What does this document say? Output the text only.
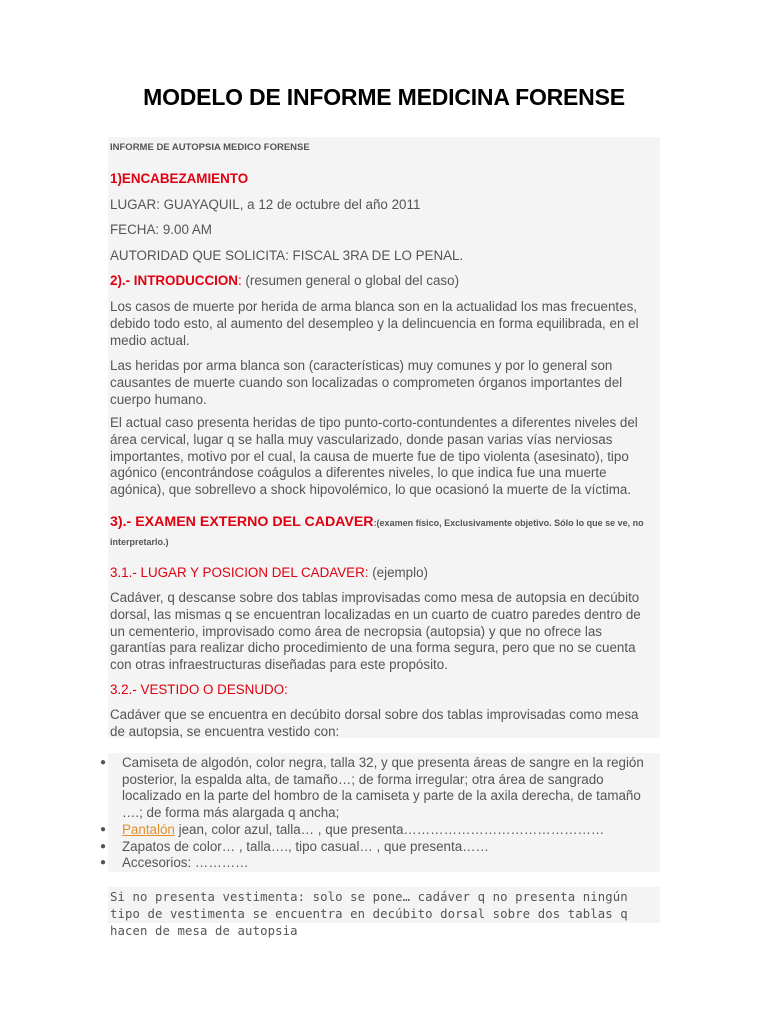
MODELO DE INFORME MEDICINA FORENSE

INFORME DE AUTOPSIA MEDICO FORENSE

1)ENCABEZAMIENTO

LUGAR: GUAYAQUIL, a 12 de octubre del año 2011

FECHA: 9.00 AM

AUTORIDAD QUE SOLICITA: FISCAL 3RA DE LO PENAL.

2).- INTRODUCCION: (resumen general o global del caso)

Los casos de muerte por herida de arma blanca son en la actualidad los mas frecuentes, debido todo esto, al aumento del desempleo y la delincuencia en forma equilibrada, en el medio actual.

Las heridas por arma blanca son (características) muy comunes y por lo general son causantes de muerte cuando son localizadas o comprometen órganos importantes del cuerpo humano.

El actual caso presenta heridas de tipo punto-corto-contundentes a diferentes niveles del área cervical, lugar q se halla muy vascularizado, donde pasan varias vías nerviosas importantes, motivo por el cual, la causa de muerte fue de tipo violenta (asesinato), tipo agónico (encontrándose coágulos a diferentes niveles, lo que indica fue una muerte agónica), que sobrellevo a shock hipovolémico, lo que ocasionó la muerte de la víctima.

3).- EXAMEN EXTERNO DEL CADAVER:(examen físico, Exclusivamente objetivo. Sólo lo que se ve, no interpretarlo.)

3.1.- LUGAR Y POSICION DEL CADAVER: (ejemplo)

Cadáver, q descanse sobre dos tablas improvisadas como mesa de autopsia en decúbito dorsal, las mismas q se encuentran localizadas en un cuarto de cuatro paredes dentro de un cementerio, improvisado como área de necropsia (autopsia) y que no ofrece las garantías para realizar dicho procedimiento de una forma segura, pero que no se cuenta con otras infraestructuras diseñadas para este propósito.

3.2.- VESTIDO O DESNUDO:

Cadáver que se encuentra en decúbito dorsal sobre dos tablas improvisadas como mesa de autopsia, se encuentra vestido con:

● Camiseta de algodón, color negra, talla 32, y que presenta áreas de sangre en la región posterior, la espalda alta, de tamaño…; de forma irregular; otra área de sangrado localizado en la parte del hombro de la camiseta y parte de la axila derecha, de tamaño ….; de forma más alargada q ancha;
● Pantalón jean, color azul, talla… , que presenta………………………………………
● Zapatos de color… , talla…., tipo casual… , que presenta……
● Accesorios: …………

Si no presenta vestimenta: solo se pone… cadáver q no presenta ningún tipo de vestimenta se encuentra en decúbito dorsal sobre dos tablas q hacen de mesa de autopsia
